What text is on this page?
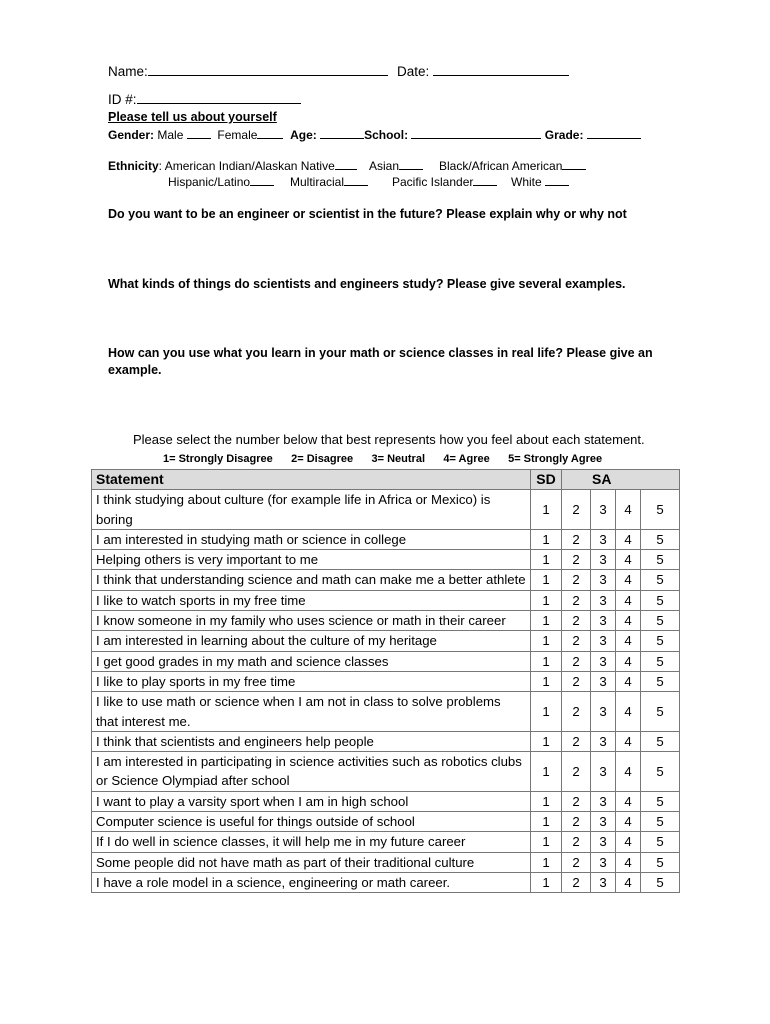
Name:	Date:
ID #:
Please tell us about yourself
Gender: Male	Female	Age:	School:	Grade:
Ethnicity: American Indian/Alaskan Native	Asian	Black/African American
Hispanic/Latino	Multiracial	Pacific Islander	White
Do you want to be an engineer or scientist in the future? Please explain why or why not
What kinds of things do scientists and engineers study? Please give several examples.
How can you use what you learn in your math or science classes in real life? Please give an example.
Please select the number below that best represents how you feel about each statement.
1= Strongly Disagree 2= Disagree 3= Neutral 4= Agree 5= Strongly Agree
Statement	SD	SA			
I think studying about culture (for example life in Africa or Mexico) is boring	1	2	3	4	5
I am interested in studying math or science in college	1	2	3	4	5
Helping others is very important to me	1	2	3	4	5
I think that understanding science and math can make me a better athlete	1	2	3	4	5
I like to watch sports in my free time	1	2	3	4	5
I know someone in my family who uses science or math in their career	1	2	3	4	5
I am interested in learning about the culture of my heritage	1	2	3	4	5
I get good grades in my math and science classes	1	2	3	4	5
I like to play sports in my free time	1	2	3	4	5
I like to use math or science when I am not in class to solve problems that interest me.	1	2	3	4	5
I think that scientists and engineers help people	1	2	3	4	5
I am interested in participating in science activities such as robotics clubs or Science Olympiad after school	1	2	3	4	5
I want to play a varsity sport when I am in high school	1	2	3	4	5
Computer science is useful for things outside of school	1	2	3	4	5
If I do well in science classes, it will help me in my future career	1	2	3	4	5
Some people did not have math as part of their traditional culture	1	2	3	4	5
I have a role model in a science, engineering or math career.	1	2	3	4	5
